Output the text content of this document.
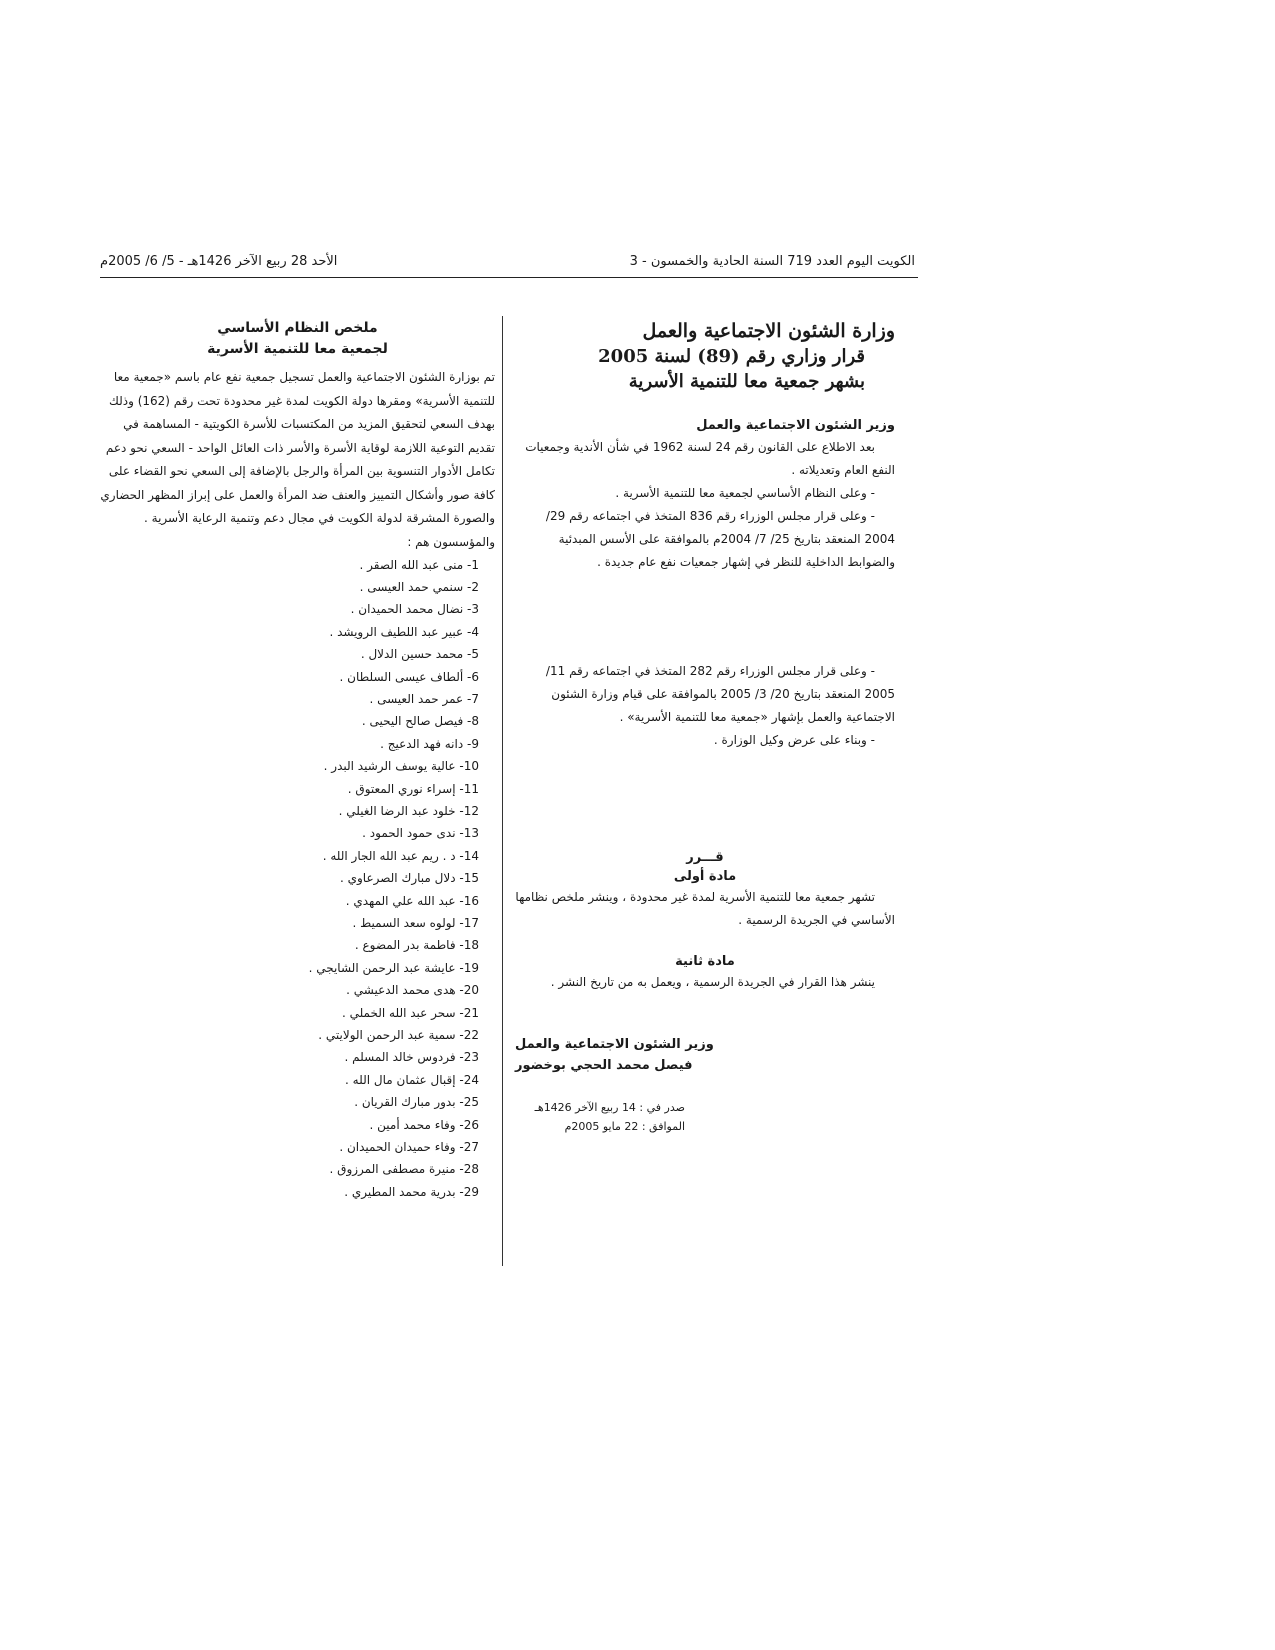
الكويت اليوم العدد 719 السنة الحادية والخمسون - 3
الأحد 28 ربيع الآخر 1426هـ - 5/ 6/ 2005م
وزارة الشئون الاجتماعية والعمل
قرار وزاري رقم (89) لسنة 2005
بشهر جمعية معا للتنمية الأسرية
وزير الشئون الاجتماعية والعمل

بعد الاطلاع على القانون رقم 24 لسنة 1962 في شأن الأندية وجمعيات النفع العام وتعديلاته .

- وعلى النظام الأساسي لجمعية معا للتنمية الأسرية .

- وعلى قرار مجلس الوزراء رقم 836 المتخذ في اجتماعه رقم 29/ 2004 المنعقد بتاريخ 25/ 7/ 2004م بالموافقة على الأسس المبدئية والضوابط الداخلية للنظر في إشهار جمعيات نفع عام جديدة .

- وعلى قرار مجلس الوزراء رقم 282 المتخذ في اجتماعه رقم 11/ 2005 المنعقد بتاريخ 20/ 3/ 2005 بالموافقة على قيام وزارة الشئون الاجتماعية والعمل بإشهار «جمعية معا للتنمية الأسرية» .

- وبناء على عرض وكيل الوزارة .

قـــرر
مادة أولى

تشهر جمعية معا للتنمية الأسرية لمدة غير محدودة ، وينشر ملخص نظامها الأساسي في الجريدة الرسمية .

مادة ثانية

ينشر هذا القرار في الجريدة الرسمية ، ويعمل به من تاريخ النشر .

وزير الشئون الاجتماعية والعمل
فيصل محمد الحجي بوخضور
صدر في : 14 ربيع الآخر 1426هـ
الموافق : 22 مايو 2005م
ملخص النظام الأساسي
لجمعية معا للتنمية الأسرية

تم بوزارة الشئون الاجتماعية والعمل تسجيل جمعية نفع عام باسم «جمعية معا للتنمية الأسرية» ومقرها دولة الكويت لمدة غير محدودة تحت رقم (162) وذلك بهدف السعي لتحقيق المزيد من المكتسبات للأسرة الكويتية - المساهمة في تقديم التوعية اللازمة لوقاية الأسرة والأسر ذات العائل الواحد - السعي نحو دعم تكامل الأدوار التنسوية بين المرأة والرجل بالإضافة إلى السعي نحو القضاء على كافة صور وأشكال التمييز والعنف ضد المرأة والعمل على إبراز المظهر الحضاري والصورة المشرقة لدولة الكويت في مجال دعم وتنمية الرعاية الأسرية .

والمؤسسون هم :
1- منى عبد الله الصقر .
2- سنمي حمد العيسى .
3- نضال محمد الحميدان .
4- عبير عبد اللطيف الرويشد .
5- محمد حسين الدلال .
6- ألطاف عيسى السلطان .
7- عمر حمد العيسى .
8- فيصل صالح اليحيى .
9- دانه فهد الدعيج .
10- عالية يوسف الرشيد البدر .
11- إسراء نوري المعتوق .
12- خلود عبد الرضا الغيلي .
13- ندى حمود الحمود .
14- د . ريم عبد الله الجار الله .
15- دلال مبارك الصرعاوي .
16- عبد الله علي المهدي .
17- لولوه سعد السميط .
18- فاطمة بدر المضوع .
19- عايشة عبد الرحمن الشايجي .
20- هدى محمد الدعيشي .
21- سحر عبد الله الخملي .
22- سمية عبد الرحمن الولايتي .
23- فردوس خالد المسلم .
24- إقبال عثمان مال الله .
25- بدور مبارك القريان .
26- وفاء محمد أمين .
27- وفاء حميدان الحميدان .
28- منيرة مصطفى المرزوق .
29- بدرية محمد المطيري .
